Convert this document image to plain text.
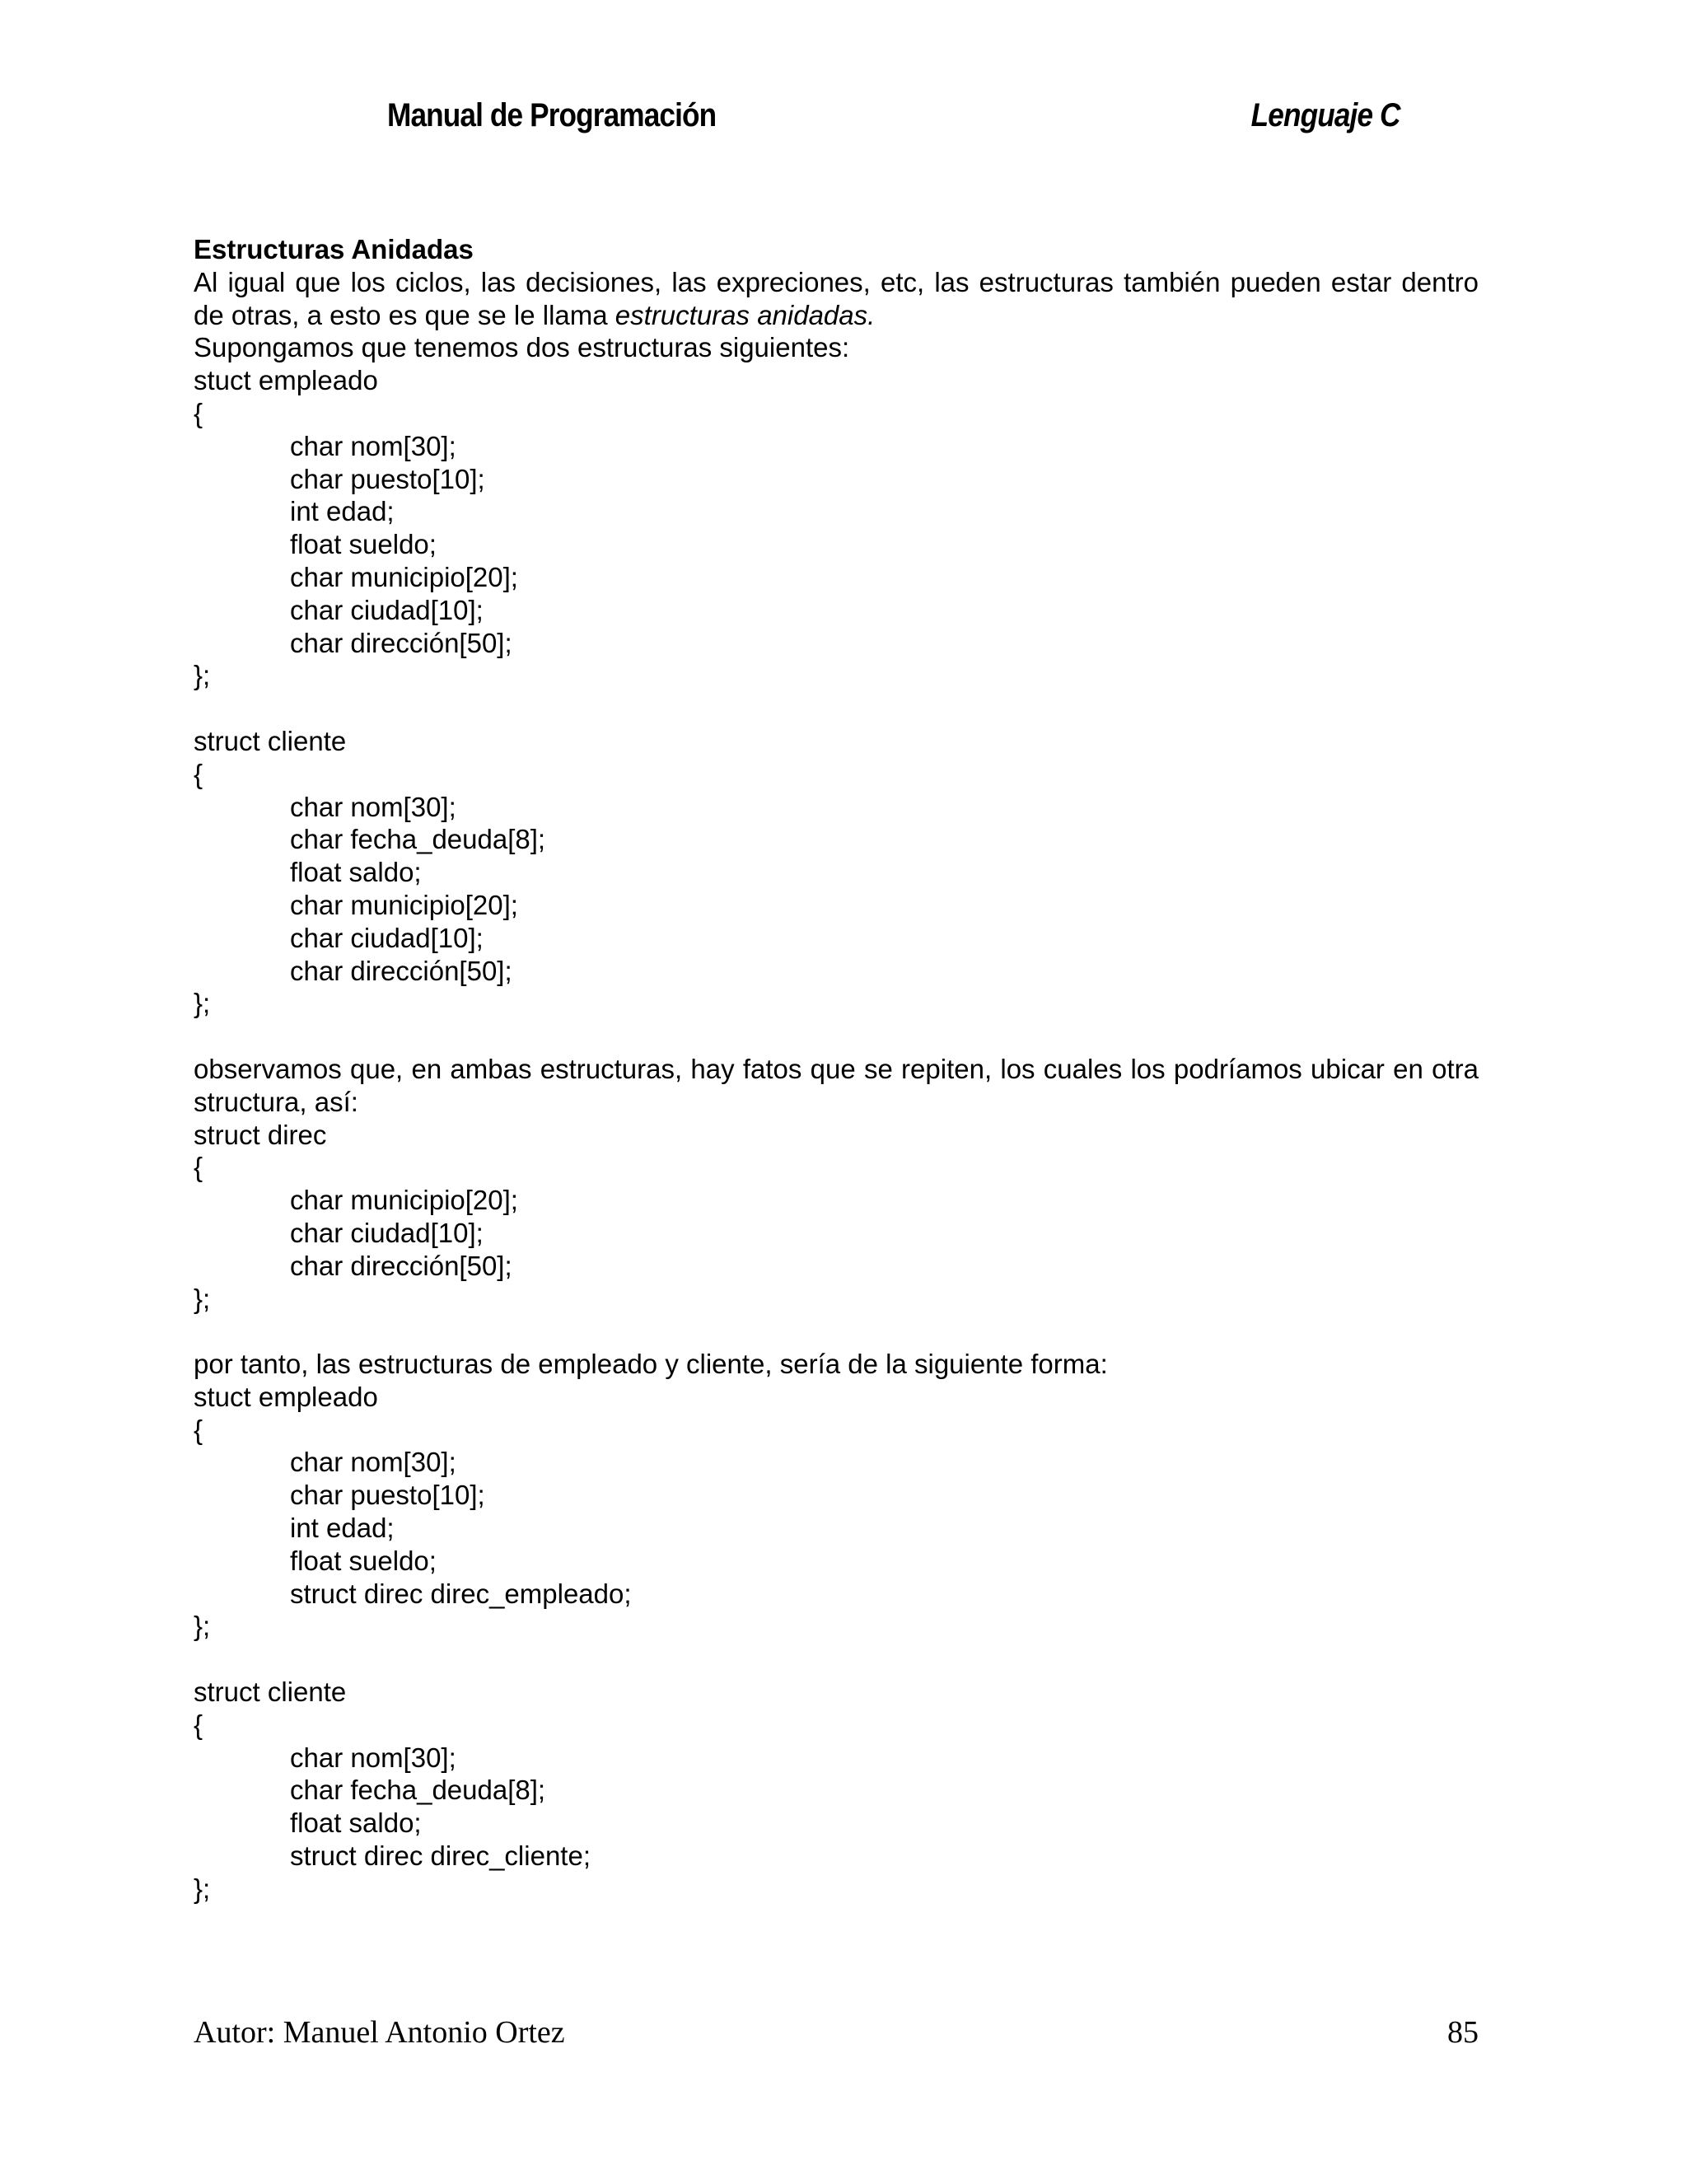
Manual de Programación	Lenguaje C
Estructuras Anidadas
Al igual que los ciclos, las decisiones, las expreciones, etc, las estructuras también pueden estar dentro
de otras, a esto es que se le llama estructuras anidadas.
Supongamos que tenemos dos estructuras siguientes:
stuct empleado
{
char nom[30];
char puesto[10];
int edad;
float sueldo;
char municipio[20];
char ciudad[10];
char dirección[50];
};
struct cliente
{
char nom[30];
char fecha_deuda[8];
float saldo;
char municipio[20];
char ciudad[10];
char dirección[50];
};
observamos que, en ambas estructuras, hay fatos que se repiten, los cuales los podríamos ubicar en otra
structura, así:
struct direc
{
char municipio[20];
char ciudad[10];
char dirección[50];
};
por tanto, las estructuras de empleado y cliente, sería de la siguiente forma:
stuct empleado
{
char nom[30];
char puesto[10];
int edad;
float sueldo;
struct direc direc_empleado;
};
struct cliente
{
char nom[30];
char fecha_deuda[8];
float saldo;
struct direc direc_cliente;
};
Autor: Manuel Antonio Ortez	85
